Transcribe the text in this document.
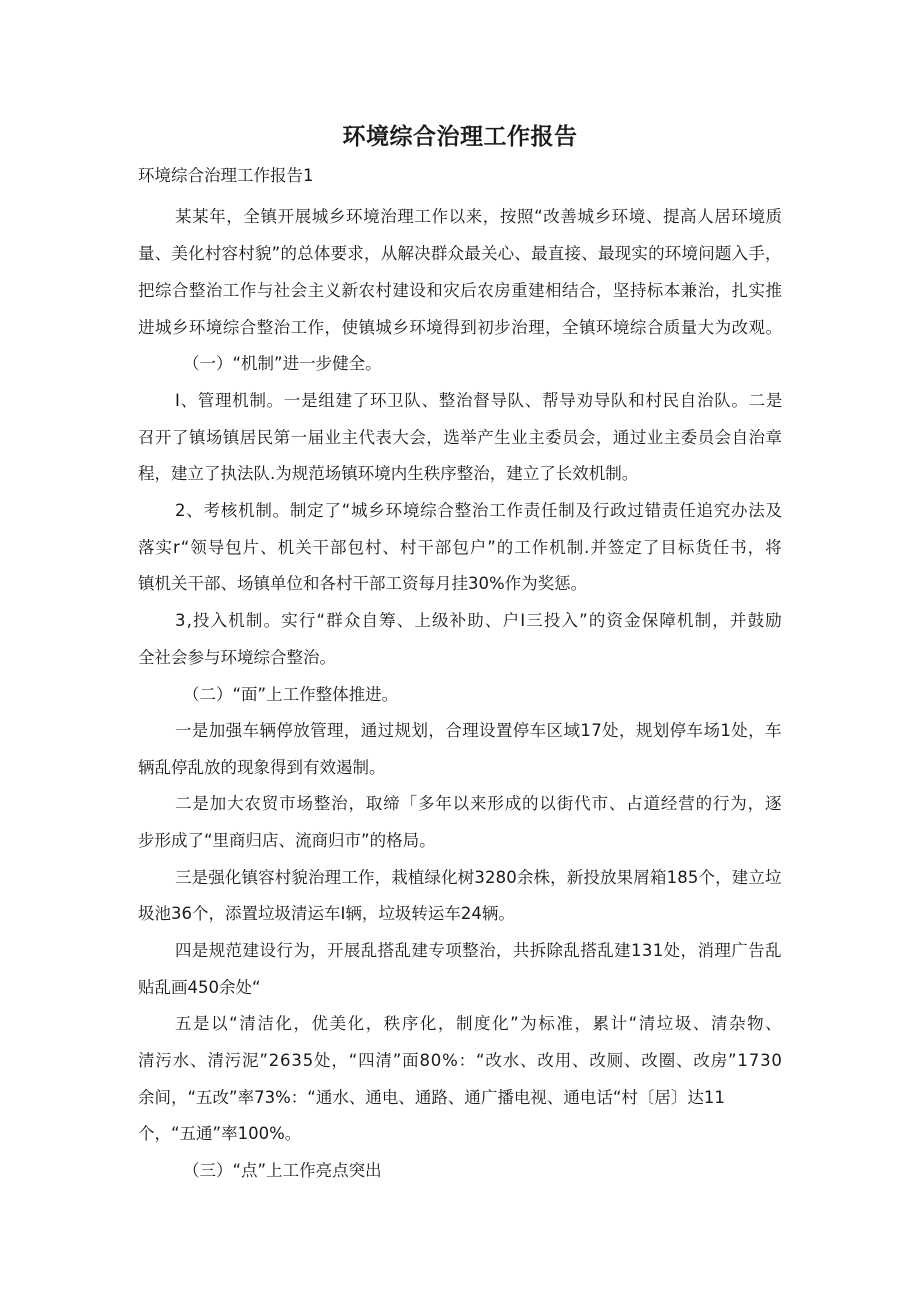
环境综合治理工作报告
环境综合治理工作报告1
某某年，全镇开展城乡环境治理工作以来，按照“改善城乡环境、提高人居环境质
量、美化村容村貌”的总体要求，从解决群众最关心、最直接、最现实的环境问题入手，
把综合整治工作与社会主义新农村建设和灾后农房重建相结合，坚持标本兼治，扎实推
进城乡环境综合整治工作，使镇城乡环境得到初步治理，全镇环境综合质量大为改观。
（一）“机制”进一步健全。
I、管理机制。一是组建了环卫队、整治督导队、帮导劝导队和村民自治队。二是
召开了镇场镇居民第一届业主代表大会，选举产生业主委员会，通过业主委员会自治章
程，建立了执法队.为规范场镇环境内生秩序整治，建立了长效机制。
2、考核机制。制定了“城乡环境综合整治工作责任制及行政过错责任追究办法及
落实r“领导包片、机关干部包村、村干部包户”的工作机制.并签定了目标货任书，将
镇机关干部、场镇单位和各村干部工资每月挂30%作为奖惩。
3,投入机制。实行“群众自筹、上级补助、户I三投入”的资金保障机制，并鼓励
全社会参与环境综合整治。
（二）“面”上工作整体推进。
一是加强车辆停放管理，通过规划，合理设置停车区域17处，规划停车场1处，车
辆乱停乱放的现象得到有效遏制。
二是加大农贸市场整治，取缔「多年以来形成的以街代市、占道经营的行为，逐
步形成了“里商归店、流商归市”的格局。
三是强化镇容村貌治理工作，栽植绿化树3280余株，新投放果屑箱185个，建立垃
圾池36个，添置垃圾清运车I辆，垃圾转运车24辆。
四是规范建设行为，开展乱搭乱建专项整治，共拆除乱搭乱建131处，消理广告乱
贴乱画450余处“
五是以“清洁化，优美化，秩序化，制度化”为标准，累计“清垃圾、清杂物、
清污水、清污泥”2635处，“四清”面80%：“改水、改用、改厕、改圈、改房”1730
余间，“五改”率73%：“通水、通电、通路、通广播电视、通电话“村〔居〕达11
个，“五通”率100%。
（三）“点”上工作亮点突出
